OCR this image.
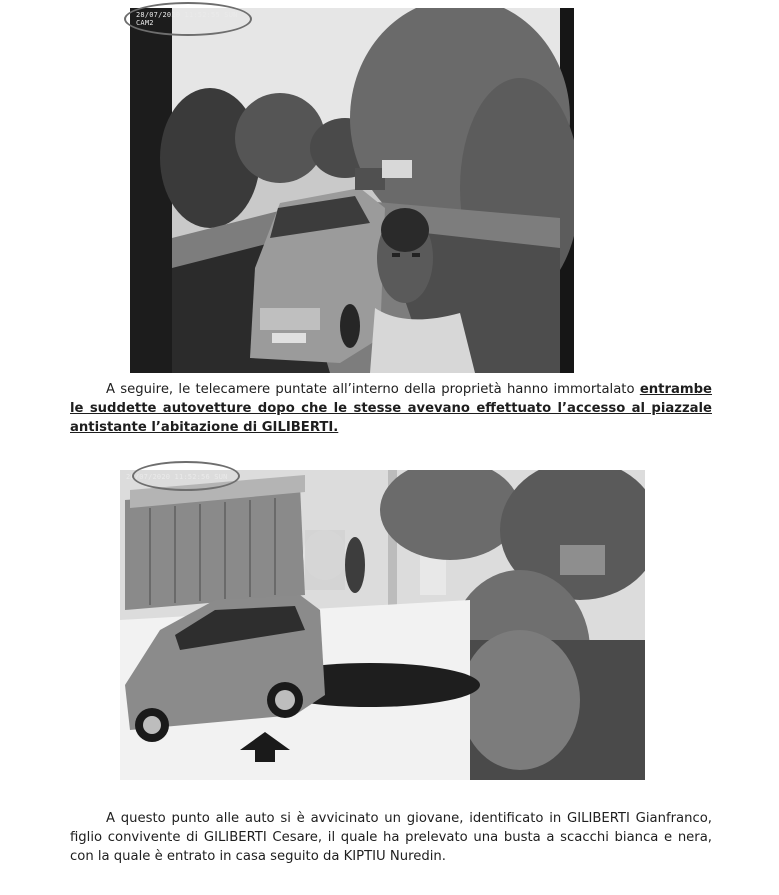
28/07/2020 11:52:55 SUN
CAM2

A seguire, le telecamere puntate all’interno della proprietà hanno immortalato entrambe le suddette autovetture dopo che le stesse avevano effettuato l’accesso al piazzale antistante l’abitazione di GILIBERTI.

28/07/2020 11:52:56 SUN

A questo punto alle auto si è avvicinato un giovane, identificato in GILIBERTI Gianfranco, figlio convivente di GILIBERTI Cesare, il quale ha prelevato una busta a scacchi bianca e nera, con la quale è entrato in casa seguito da KIPTIU Nuredin.
